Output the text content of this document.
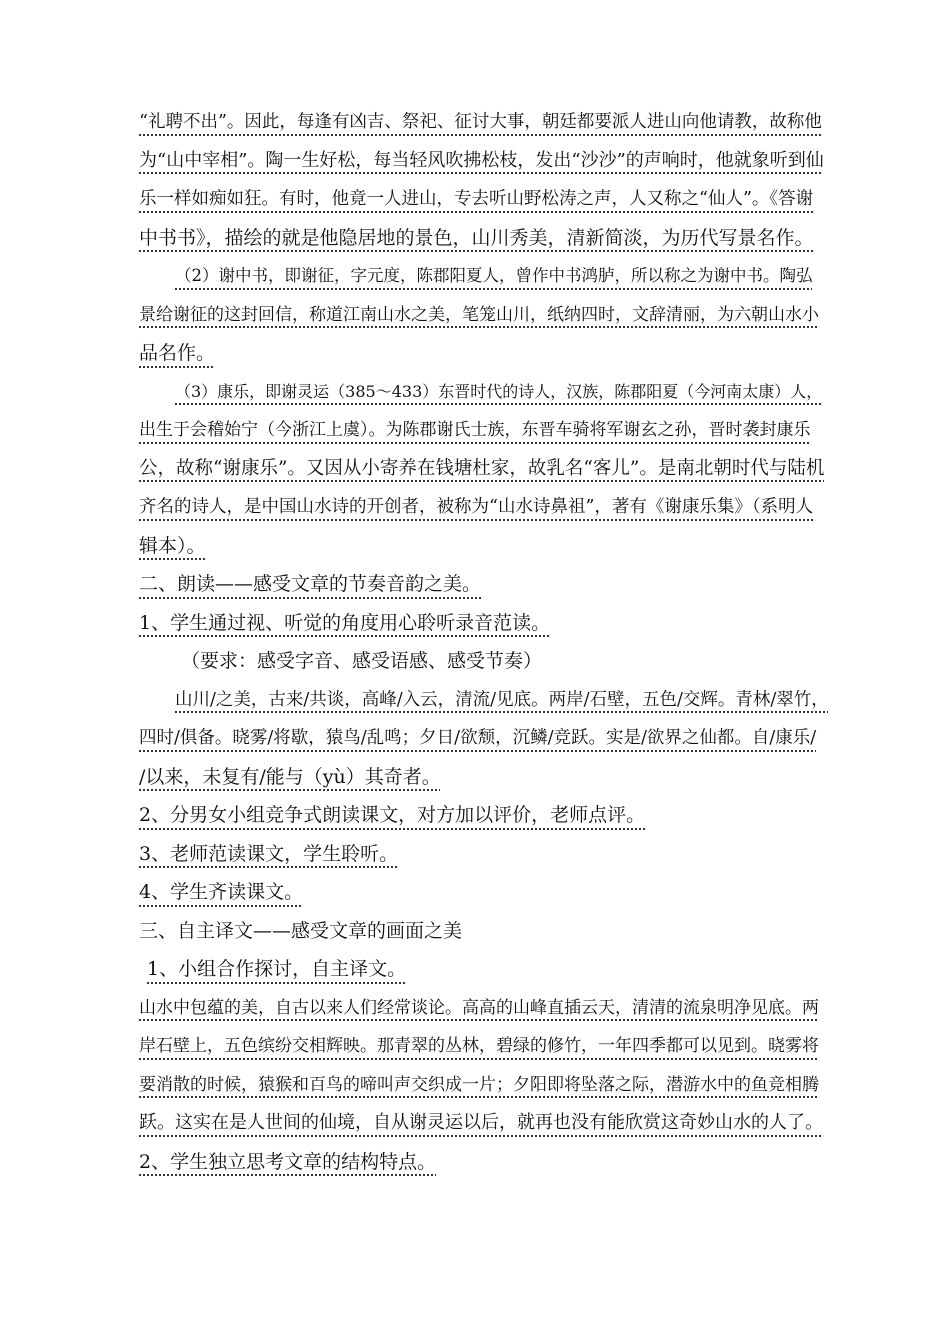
“礼聘不出”。因此，每逢有凶吉、祭祀、征讨大事，朝廷都要派人进山向他请教，故称他
为“山中宰相”。陶一生好松，每当轻风吹拂松枝，发出“沙沙”的声响时，他就象听到仙
乐一样如痴如狂。有时，他竟一人进山，专去听山野松涛之声，人又称之“仙人”。《答谢
中书书》，描绘的就是他隐居地的景色，山川秀美，清新简淡，为历代写景名作。
（2）谢中书，即谢征，字元度，陈郡阳夏人，曾作中书鸿胪，所以称之为谢中书。陶弘
景给谢征的这封回信，称道江南山水之美，笔笼山川，纸纳四时，文辞清丽，为六朝山水小
品名作。
（3）康乐，即谢灵运（385～433）东晋时代的诗人，汉族，陈郡阳夏（今河南太康）人，
出生于会稽始宁（今浙江上虞）。为陈郡谢氏士族，东晋车骑将军谢玄之孙，晋时袭封康乐
公，故称“谢康乐”。又因从小寄养在钱塘杜家，故乳名“客儿”。是南北朝时代与陆机
齐名的诗人，是中国山水诗的开创者，被称为“山水诗鼻祖”，著有《谢康乐集》（系明人
辑本）。
二、朗读——感受文章的节奏音韵之美。
1、学生通过视、听觉的角度用心聆听录音范读。
（要求：感受字音、感受语感、感受节奏）
山川/之美，古来/共谈，高峰/入云，清流/见底。两岸/石壁，五色/交辉。青林/翠竹，
四时/俱备。晓雾/将歇，猿鸟/乱鸣；夕日/欲颓，沉鳞/竞跃。实是/欲界之仙都。自/康乐/
/以来，未复有/能与（yù）其奇者。
2、分男女小组竞争式朗读课文，对方加以评价，老师点评。
3、老师范读课文，学生聆听。
4、学生齐读课文。
三、自主译文——感受文章的画面之美
1、小组合作探讨，自主译文。
山水中包蕴的美，自古以来人们经常谈论。高高的山峰直插云天，清清的流泉明净见底。两
岸石壁上，五色缤纷交相辉映。那青翠的丛林，碧绿的修竹，一年四季都可以见到。晓雾将
要消散的时候，猿猴和百鸟的啼叫声交织成一片；夕阳即将坠落之际，潜游水中的鱼竞相腾
跃。这实在是人世间的仙境，自从谢灵运以后，就再也没有能欣赏这奇妙山水的人了。
2、学生独立思考文章的结构特点。
